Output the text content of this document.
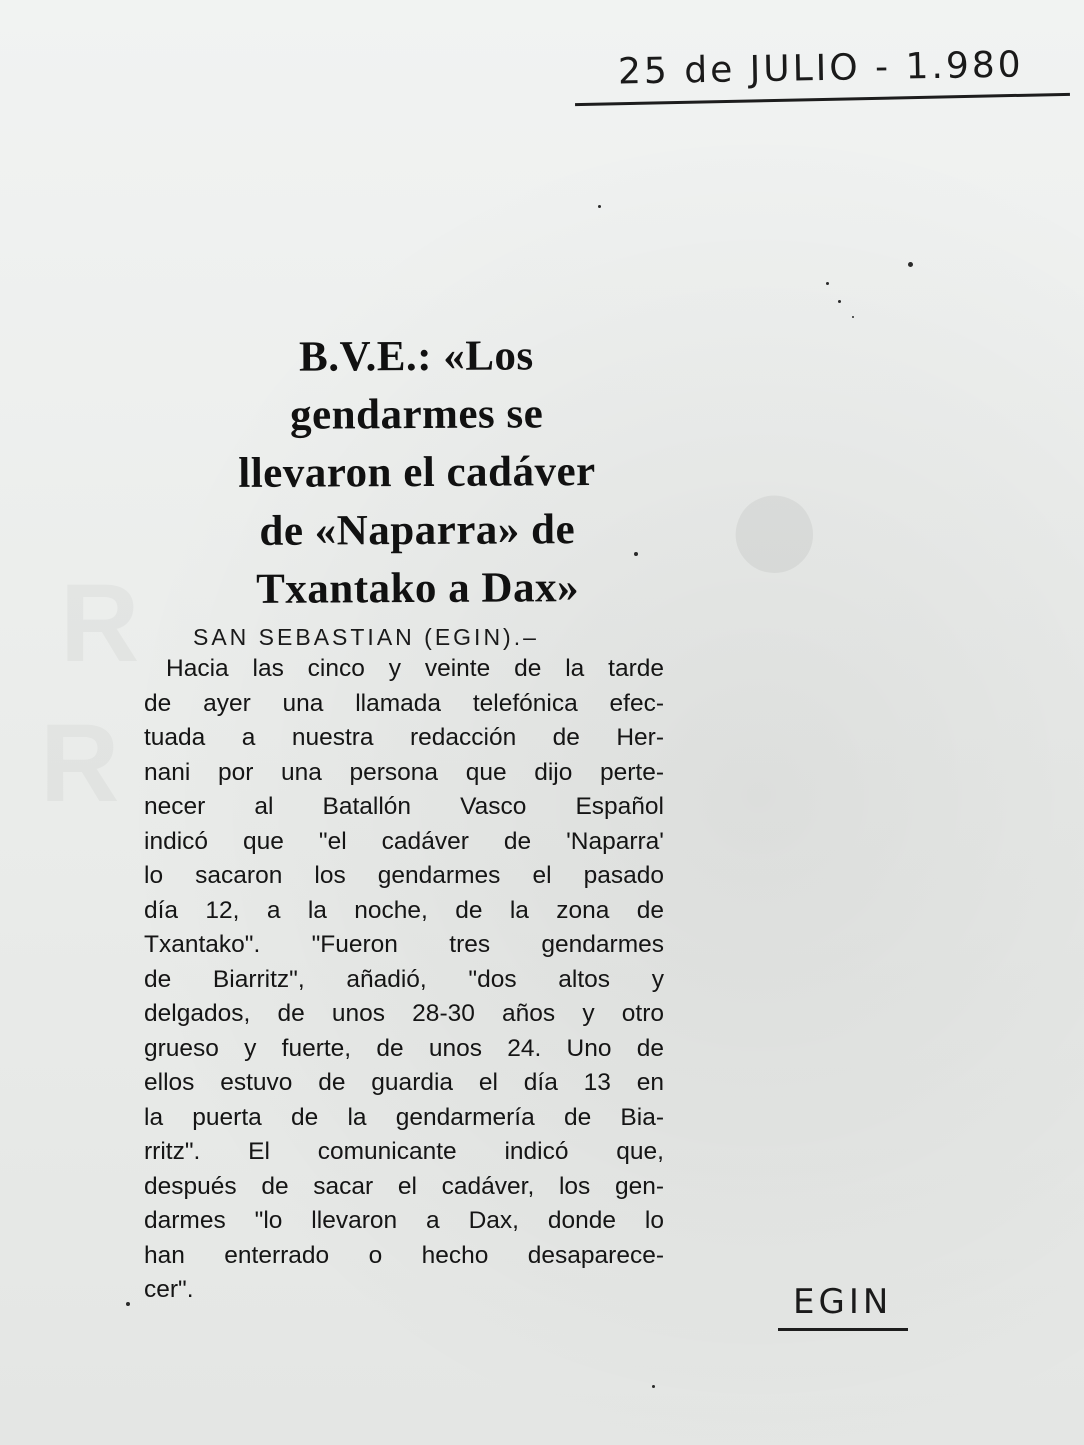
●
25 de JULIO - 1.980
B.V.E.: «Los
gendarmes se
llevaron el cadáver
de «Naparra» de
Txantako a Dax»
SAN SEBASTIAN (EGIN).–
Hacia las cinco y veinte de la tarde
de ayer una llamada telefónica efec-
tuada a nuestra redacción de Her-
nani por una persona que dijo perte-
necer al Batallón Vasco Español
indicó que "el cadáver de 'Naparra'
lo sacaron los gendarmes el pasado
día 12, a la noche, de la zona de
Txantako". "Fueron tres gendarmes
de Biarritz", añadió, "dos altos y
delgados, de unos 28-30 años y otro
grueso y fuerte, de unos 24. Uno de
ellos estuvo de guardia el día 13 en
la puerta de la gendarmería de Bia-
rritz". El comunicante indicó que,
después de sacar el cadáver, los gen-
darmes "lo llevaron a Dax, donde lo
han enterrado o hecho desaparece-
cer".	EGIN
